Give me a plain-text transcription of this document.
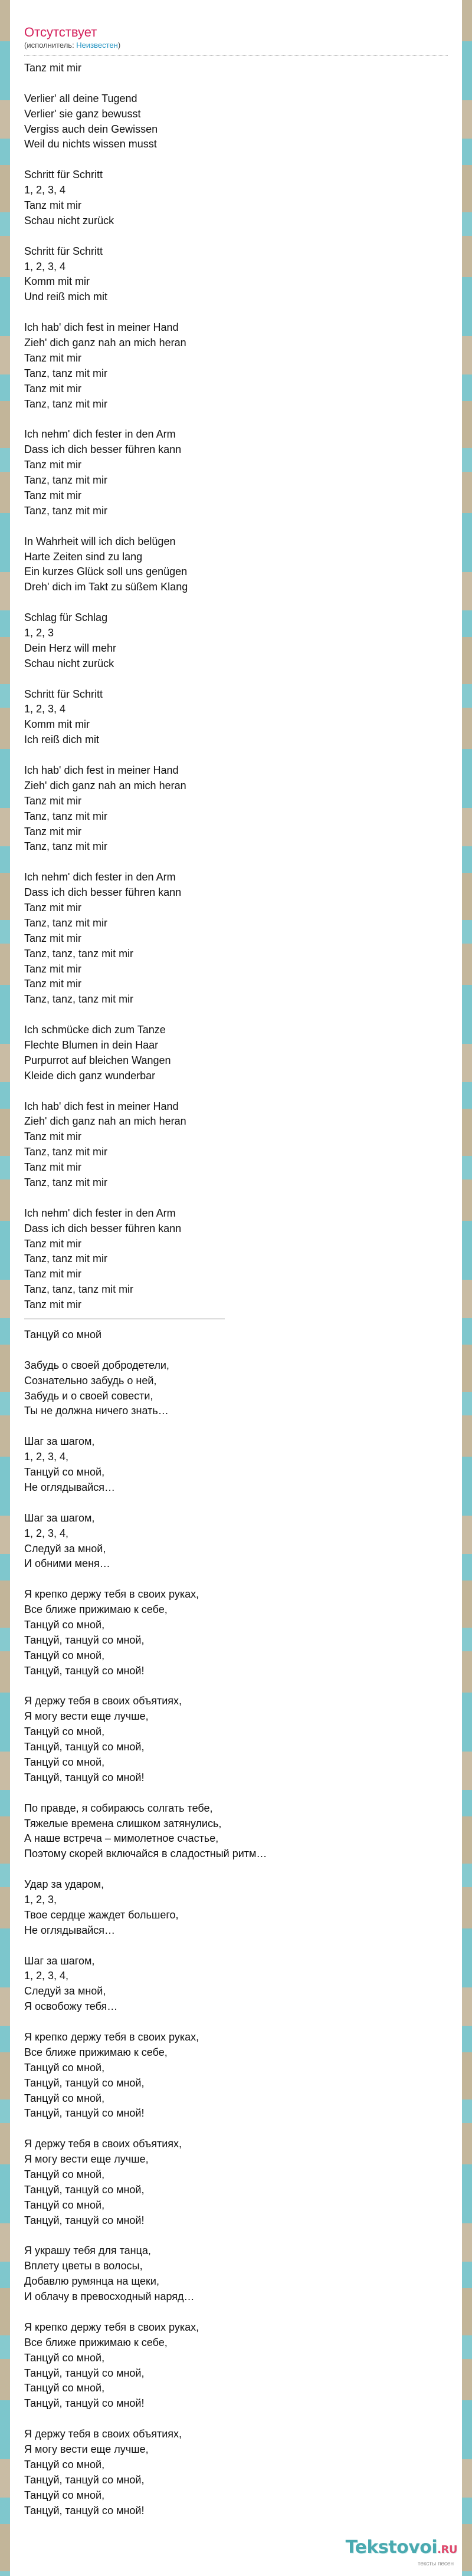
Отсутствует
(исполнитель: Неизвестен)
Tanz mit mir
Verlier' all deine Tugend
Verlier' sie ganz bewusst
Vergiss auch dein Gewissen
Weil du nichts wissen musst
Schritt für Schritt
1, 2, 3, 4
Tanz mit mir
Schau nicht zurück
Schritt für Schritt
1, 2, 3, 4
Komm mit mir
Und reiß mich mit
Ich hab' dich fest in meiner Hand
Zieh' dich ganz nah an mich heran
Tanz mit mir
Tanz, tanz mit mir
Tanz mit mir
Tanz, tanz mit mir
Ich nehm' dich fester in den Arm
Dass ich dich besser führen kann
Tanz mit mir
Tanz, tanz mit mir
Tanz mit mir
Tanz, tanz mit mir
In Wahrheit will ich dich belügen
Harte Zeiten sind zu lang
Ein kurzes Glück soll uns genügen
Dreh' dich im Takt zu süßem Klang
Schlag für Schlag
1, 2, 3
Dein Herz will mehr
Schau nicht zurück
Schritt für Schritt
1, 2, 3, 4
Komm mit mir
Ich reiß dich mit
Ich hab' dich fest in meiner Hand
Zieh' dich ganz nah an mich heran
Tanz mit mir
Tanz, tanz mit mir
Tanz mit mir
Tanz, tanz mit mir
Ich nehm' dich fester in den Arm
Dass ich dich besser führen kann
Tanz mit mir
Tanz, tanz mit mir
Tanz mit mir
Tanz, tanz, tanz mit mir
Tanz mit mir
Tanz mit mir
Tanz, tanz, tanz mit mir
Ich schmücke dich zum Tanze
Flechte Blumen in dein Haar
Purpurrot auf bleichen Wangen
Kleide dich ganz wunderbar
Ich hab' dich fest in meiner Hand
Zieh' dich ganz nah an mich heran
Tanz mit mir
Tanz, tanz mit mir
Tanz mit mir
Tanz, tanz mit mir
Ich nehm' dich fester in den Arm
Dass ich dich besser führen kann
Tanz mit mir
Tanz, tanz mit mir
Tanz mit mir
Tanz, tanz, tanz mit mir
Tanz mit mir
Танцуй со мной
Забудь о своей добродетели,
Сознательно забудь о ней,
Забудь и о своей совести,
Ты не должна ничего знать…
Шаг за шагом,
1, 2, 3, 4,
Танцуй со мной,
Не оглядывайся…
Шаг за шагом,
1, 2, 3, 4,
Следуй за мной,
И обними меня…
Я крепко держу тебя в своих руках,
Все ближе прижимаю к себе,
Танцуй со мной,
Танцуй, танцуй со мной,
Танцуй со мной,
Танцуй, танцуй со мной!
Я держу тебя в своих объятиях,
Я могу вести еще лучше,
Танцуй со мной,
Танцуй, танцуй со мной,
Танцуй со мной,
Танцуй, танцуй со мной!
По правде, я собираюсь солгать тебе,
Тяжелые времена слишком затянулись,
А наше встреча – мимолетное счастье,
Поэтому скорей включайся в сладостный ритм…
Удар за ударом,
1, 2, 3,
Твое сердце жаждет большего,
Не оглядывайся…
Шаг за шагом,
1, 2, 3, 4,
Следуй за мной,
Я освобожу тебя…
Я крепко держу тебя в своих руках,
Все ближе прижимаю к себе,
Танцуй со мной,
Танцуй, танцуй со мной,
Танцуй со мной,
Танцуй, танцуй со мной!
Я держу тебя в своих объятиях,
Я могу вести еще лучше,
Танцуй со мной,
Танцуй, танцуй со мной,
Танцуй со мной,
Танцуй, танцуй со мной!
Я украшу тебя для танца,
Вплету цветы в волосы,
Добавлю румянца на щеки,
И облачу в превосходный наряд…
Я крепко держу тебя в своих руках,
Все ближе прижимаю к себе,
Танцуй со мной,
Танцуй, танцуй со мной,
Танцуй со мной,
Танцуй, танцуй со мной!
Я держу тебя в своих объятиях,
Я могу вести еще лучше,
Танцуй со мной,
Танцуй, танцуй со мной,
Танцуй со мной,
Танцуй, танцуй со мной!
Tekstovoi.RU
тексты песен
